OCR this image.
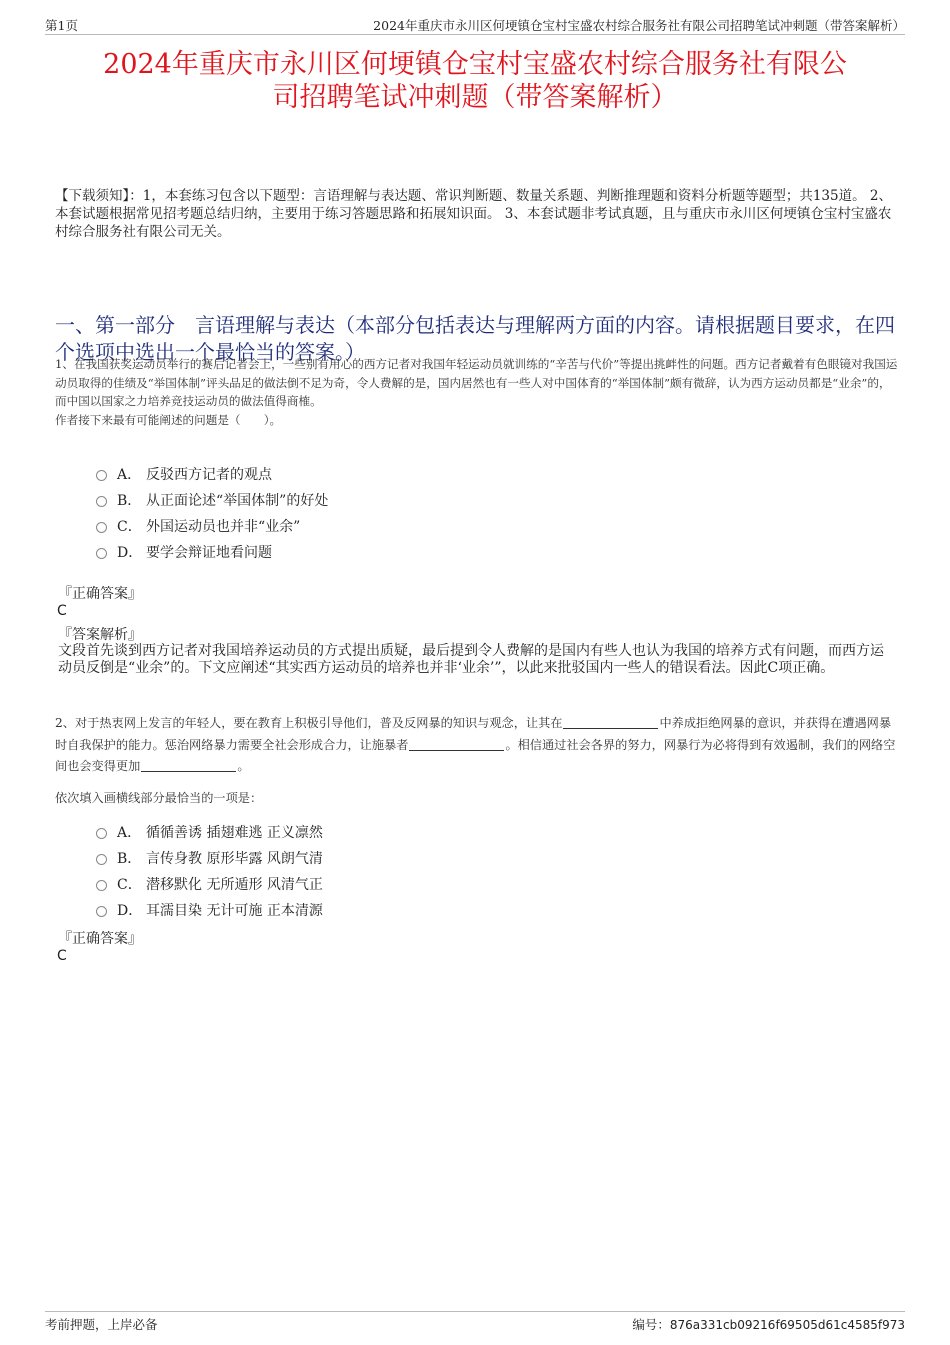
第1页	2024年重庆市永川区何埂镇仓宝村宝盛农村综合服务社有限公司招聘笔试冲刺题（带答案解析）
2024年重庆市永川区何埂镇仓宝村宝盛农村综合服务社有限公
司招聘笔试冲刺题（带答案解析）
【下载须知】：1，本套练习包含以下题型：言语理解与表达题、常识判断题、数量关系题、判断推理题和资料分析题等题型；共135道。 2、本套试题根据常见招考题总结归纳，主要用于练习答题思路和拓展知识面。 3、本套试题非考试真题，且与重庆市永川区何埂镇仓宝村宝盛农村综合服务社有限公司无关。
一、第一部分　言语理解与表达（本部分包括表达与理解两方面的内容。请根据题目要求，在四个选项中选出一个最恰当的答案。）
1、在我国获奖运动员举行的赛后记者会上，一些别有用心的西方记者对我国年轻运动员就训练的“辛苦与代价”等提出挑衅性的问题。西方记者戴着有色眼镜对我国运动员取得的佳绩及“举国体制”评头品足的做法倒不足为奇，令人费解的是，国内居然也有一些人对中国体育的“举国体制”颇有微辞，认为西方运动员都是“业余”的，而中国以国家之力培养竞技运动员的做法值得商榷。
作者接下来最有可能阐述的问题是（　　）。
A． 反驳西方记者的观点
B． 从正面论述“举国体制”的好处
C． 外国运动员也并非“业余”
D． 要学会辩证地看问题
『正确答案』
C
『答案解析』
文段首先谈到西方记者对我国培养运动员的方式提出质疑，最后提到令人费解的是国内有些人也认为我国的培养方式有问题，而西方运动员反倒是“业余”的。下文应阐述“其实西方运动员的培养也并非‘业余’”，以此来批驳国内一些人的错误看法。因此C项正确。
2、对于热衷网上发言的年轻人，要在教育上积极引导他们，普及反网暴的知识与观念，让其在	中养成拒绝网暴的意识，并获得在遭遇网暴时自我保护的能力。惩治网络暴力需要全社会形成合力，让施暴者	。相信通过社会各界的努力，网暴行为必将得到有效遏制，我们的网络空间也会变得更加	。
依次填入画横线部分最恰当的一项是：
A． 循循善诱 插翅难逃 正义凛然
B． 言传身教 原形毕露 风朗气清
C． 潜移默化 无所遁形 风清气正
D． 耳濡目染 无计可施 正本清源
『正确答案』
C
考前押题，上岸必备	编号：876a331cb09216f69505d61c4585f973
